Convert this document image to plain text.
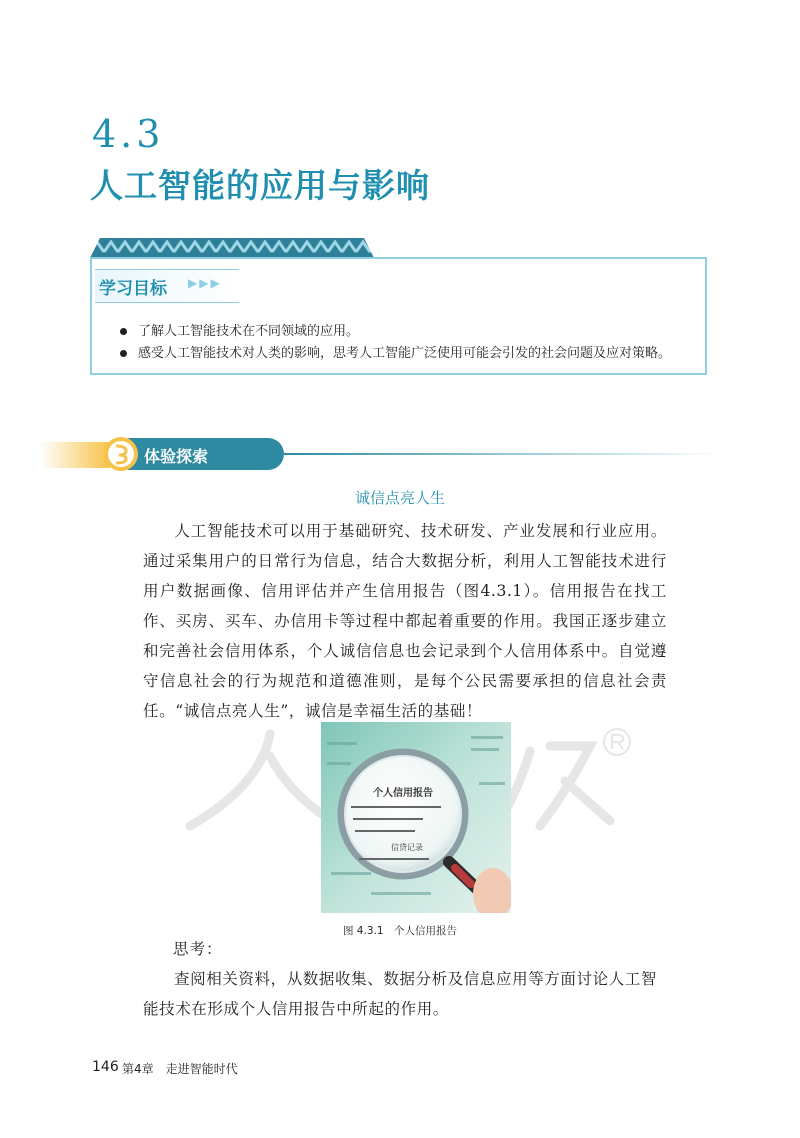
4.3
人工智能的应用与影响
学习目标 ▶▶▶
了解人工智能技术在不同领域的应用。
感受人工智能技术对人类的影响，思考人工智能广泛使用可能会引发的社会问题及应对策略。
体验探索
诚信点亮人生
人工智能技术可以用于基础研究、技术研发、产业发展和行业应用。通过采集用户的日常行为信息，结合大数据分析，利用人工智能技术进行用户数据画像、信用评估并产生信用报告（图4.3.1）。信用报告在找工作、买房、买车、办信用卡等过程中都起着重要的作用。我国正逐步建立和完善社会信用体系，个人诚信信息也会记录到个人信用体系中。自觉遵守信息社会的行为规范和道德准则，是每个公民需要承担的信息社会责任。“诚信点亮人生”，诚信是幸福生活的基础！
个人信用报告
信贷记录
图 4.3.1　个人信用报告
思考：
查阅相关资料，从数据收集、数据分析及信息应用等方面讨论人工智能技术在形成个人信用报告中所起的作用。
146 第4章　走进智能时代
